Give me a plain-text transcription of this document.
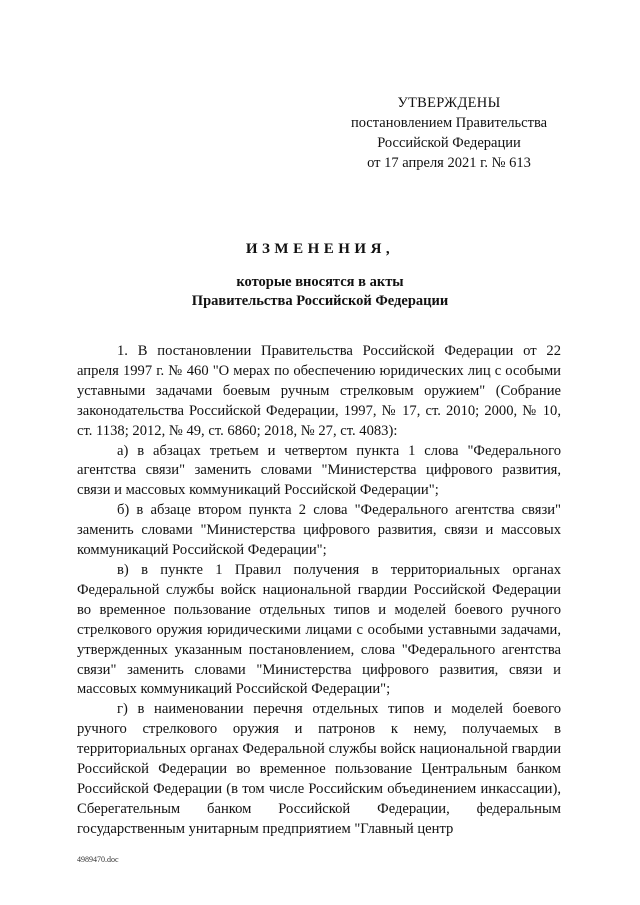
УТВЕРЖДЕНЫ
постановлением Правительства
Российской Федерации
от 17 апреля 2021 г. № 613
ИЗМЕНЕНИЯ,
которые вносятся в акты
Правительства Российской Федерации

1. В постановлении Правительства Российской Федерации от 22 апреля 1997 г. № 460 "О мерах по обеспечению юридических лиц с особыми уставными задачами боевым ручным стрелковым оружием" (Собрание законодательства Российской Федерации, 1997, № 17, ст. 2010; 2000, № 10, ст. 1138; 2012, № 49, ст. 6860; 2018, № 27, ст. 4083):

а) в абзацах третьем и четвертом пункта 1 слова "Федерального агентства связи" заменить словами "Министерства цифрового развития, связи и массовых коммуникаций Российской Федерации";

б) в абзаце втором пункта 2 слова "Федерального агентства связи" заменить словами "Министерства цифрового развития, связи и массовых коммуникаций Российской Федерации";

в) в пункте 1 Правил получения в территориальных органах Федеральной службы войск национальной гвардии Российской Федерации во временное пользование отдельных типов и моделей боевого ручного стрелкового оружия юридическими лицами с особыми уставными задачами, утвержденных указанным постановлением, слова "Федерального агентства связи" заменить словами "Министерства цифрового развития, связи и массовых коммуникаций Российской Федерации";

г) в наименовании перечня отдельных типов и моделей боевого ручного стрелкового оружия и патронов к нему, получаемых в территориальных органах Федеральной службы войск национальной гвардии Российской Федерации во временное пользование Центральным банком Российской Федерации (в том числе Российским объединением инкассации), Сберегательным банком Российской Федерации, федеральным государственным унитарным предприятием "Главный центр

4989470.doc
